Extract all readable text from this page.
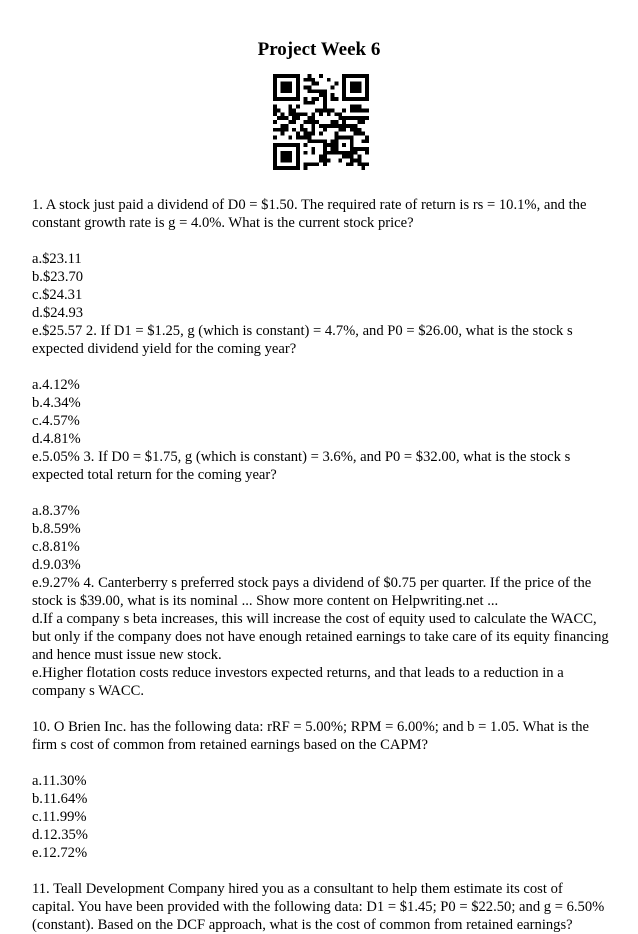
Project Week 6

1. A stock just paid a dividend of D0 = $1.50. The required rate of return is rs = 10.1%, and the

constant growth rate is g = 4.0%. What is the current stock price?

a.$23.11

b.$23.70

c.$24.31

d.$24.93

e.$25.57 2. If D1 = $1.25, g (which is constant) = 4.7%, and P0 = $26.00, what is the stock s

expected dividend yield for the coming year?

a.4.12%

b.4.34%

c.4.57%

d.4.81%

e.5.05% 3. If D0 = $1.75, g (which is constant) = 3.6%, and P0 = $32.00, what is the stock s

expected total return for the coming year?

a.8.37%

b.8.59%

c.8.81%

d.9.03%

e.9.27% 4. Canterberry s preferred stock pays a dividend of $0.75 per quarter. If the price of the

stock is $39.00, what is its nominal ... Show more content on Helpwriting.net ...

d.If a company s beta increases, this will increase the cost of equity used to calculate the WACC,

but only if the company does not have enough retained earnings to take care of its equity financing

and hence must issue new stock.

e.Higher flotation costs reduce investors expected returns, and that leads to a reduction in a

company s WACC.

10. O Brien Inc. has the following data: rRF = 5.00%; RPM = 6.00%; and b = 1.05. What is the

firm s cost of common from retained earnings based on the CAPM?

a.11.30%

b.11.64%

c.11.99%

d.12.35%

e.12.72%

11. Teall Development Company hired you as a consultant to help them estimate its cost of

capital. You have been provided with the following data: D1 = $1.45; P0 = $22.50; and g = 6.50%

(constant). Based on the DCF approach, what is the cost of common from retained earnings?
